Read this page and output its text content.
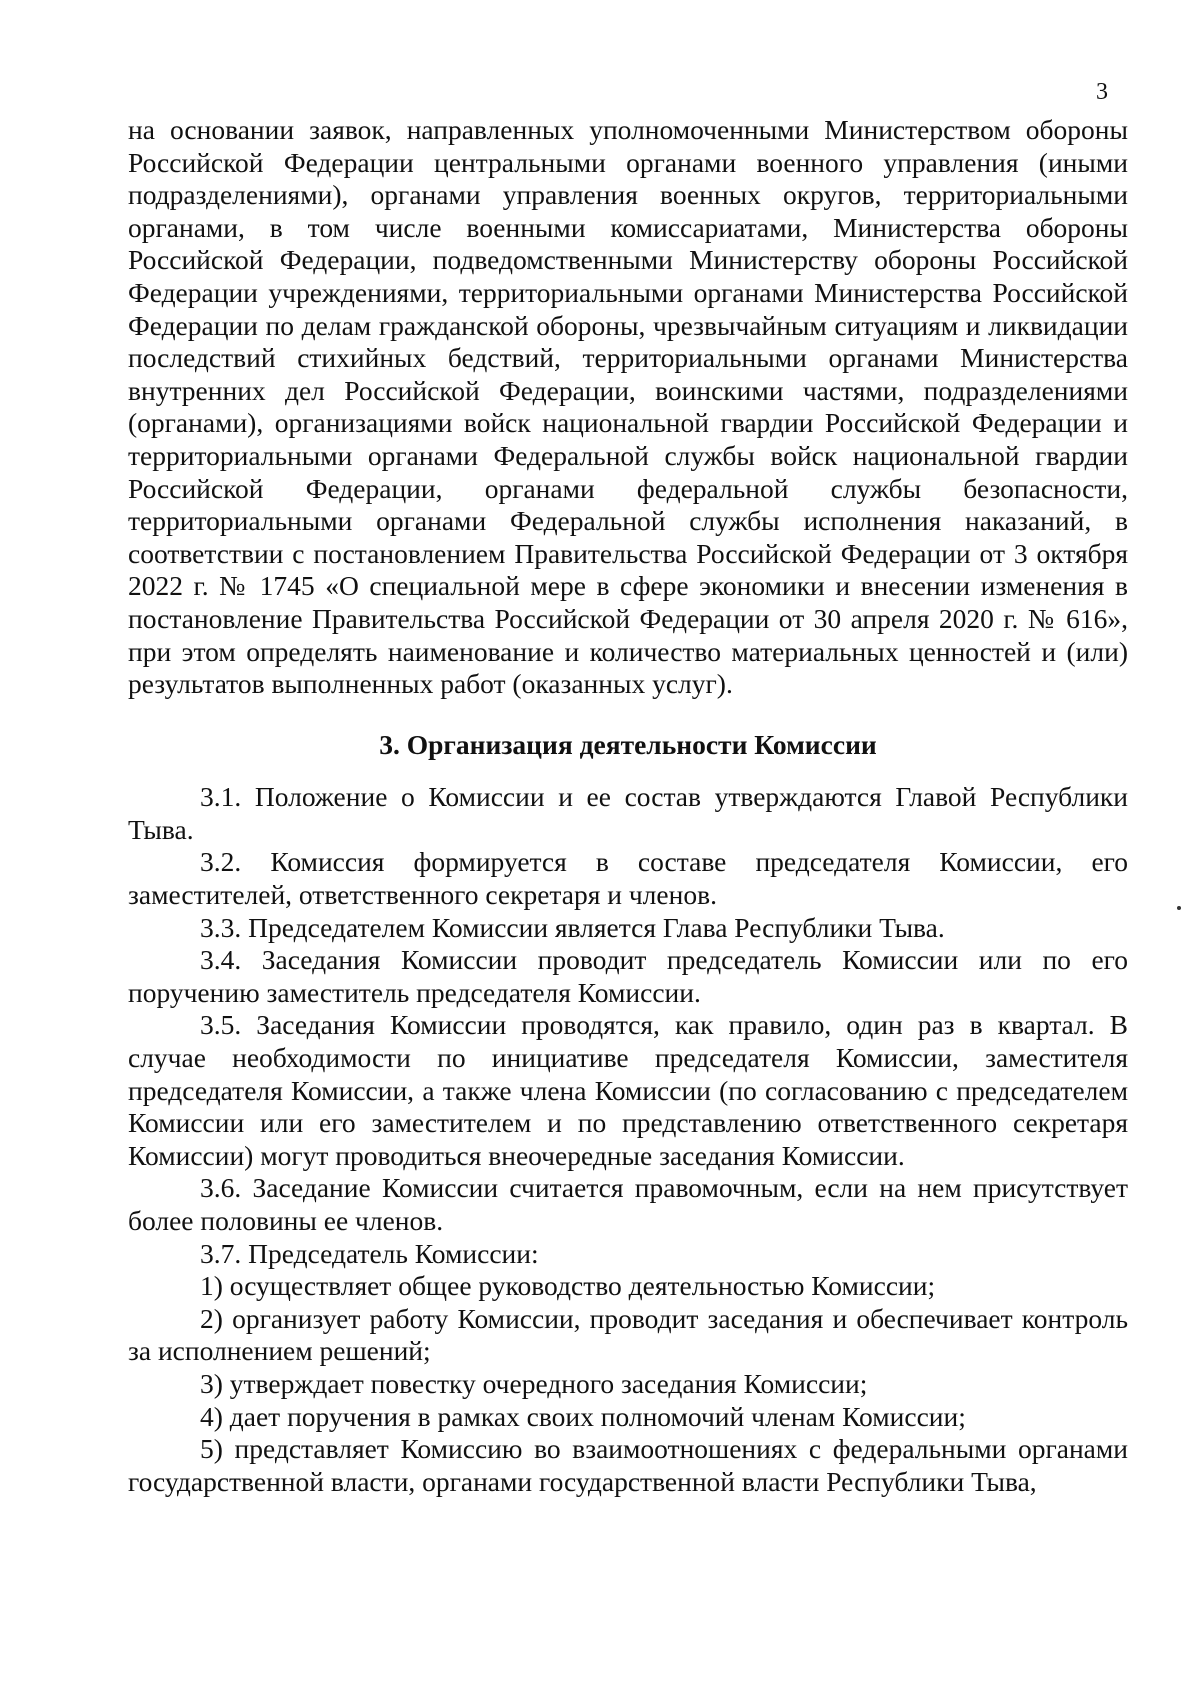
3

на основании заявок, направленных уполномоченными Министерством обороны Российской Федерации центральными органами военного управления (иными подразделениями), органами управления военных округов, территориальными органами, в том числе военными комиссариатами, Министерства обороны Российской Федерации, подведомственными Министерству обороны Российской Федерации учреждениями, территориальными органами Министерства Российской Федерации по делам гражданской обороны, чрезвычайным ситуациям и ликвидации последствий стихийных бедствий, территориальными органами Министерства внутренних дел Российской Федерации, воинскими частями, подразделениями (органами), организациями войск национальной гвардии Российской Федерации и территориальными органами Федеральной службы войск национальной гвардии Российской Федерации, органами федеральной службы безопасности, территориальными органами Федеральной службы исполнения наказаний, в соответствии с постановлением Правительства Российской Федерации от 3 октября 2022 г. № 1745 «О специальной мере в сфере экономики и внесении изменения в постановление Правительства Российской Федерации от 30 апреля 2020 г. № 616», при этом определять наименование и количество материальных ценностей и (или) результатов выполненных работ (оказанных услуг).

3. Организация деятельности Комиссии

3.1. Положение о Комиссии и ее состав утверждаются Главой Республики Тыва.

3.2. Комиссия формируется в составе председателя Комиссии, его заместителей, ответственного секретаря и членов.

3.3. Председателем Комиссии является Глава Республики Тыва.

3.4. Заседания Комиссии проводит председатель Комиссии или по его поручению заместитель председателя Комиссии.

3.5. Заседания Комиссии проводятся, как правило, один раз в квартал. В случае необходимости по инициативе председателя Комиссии, заместителя председателя Комиссии, а также члена Комиссии (по согласованию с председателем Комиссии или его заместителем и по представлению ответственного секретаря Комиссии) могут проводиться внеочередные заседания Комиссии.

3.6. Заседание Комиссии считается правомочным, если на нем присутствует более половины ее членов.

3.7. Председатель Комиссии:

1) осуществляет общее руководство деятельностью Комиссии;

2) организует работу Комиссии, проводит заседания и обеспечивает контроль за исполнением решений;

3) утверждает повестку очередного заседания Комиссии;

4) дает поручения в рамках своих полномочий членам Комиссии;

5) представляет Комиссию во взаимоотношениях с федеральными органами государственной власти, органами государственной власти Республики Тыва,
